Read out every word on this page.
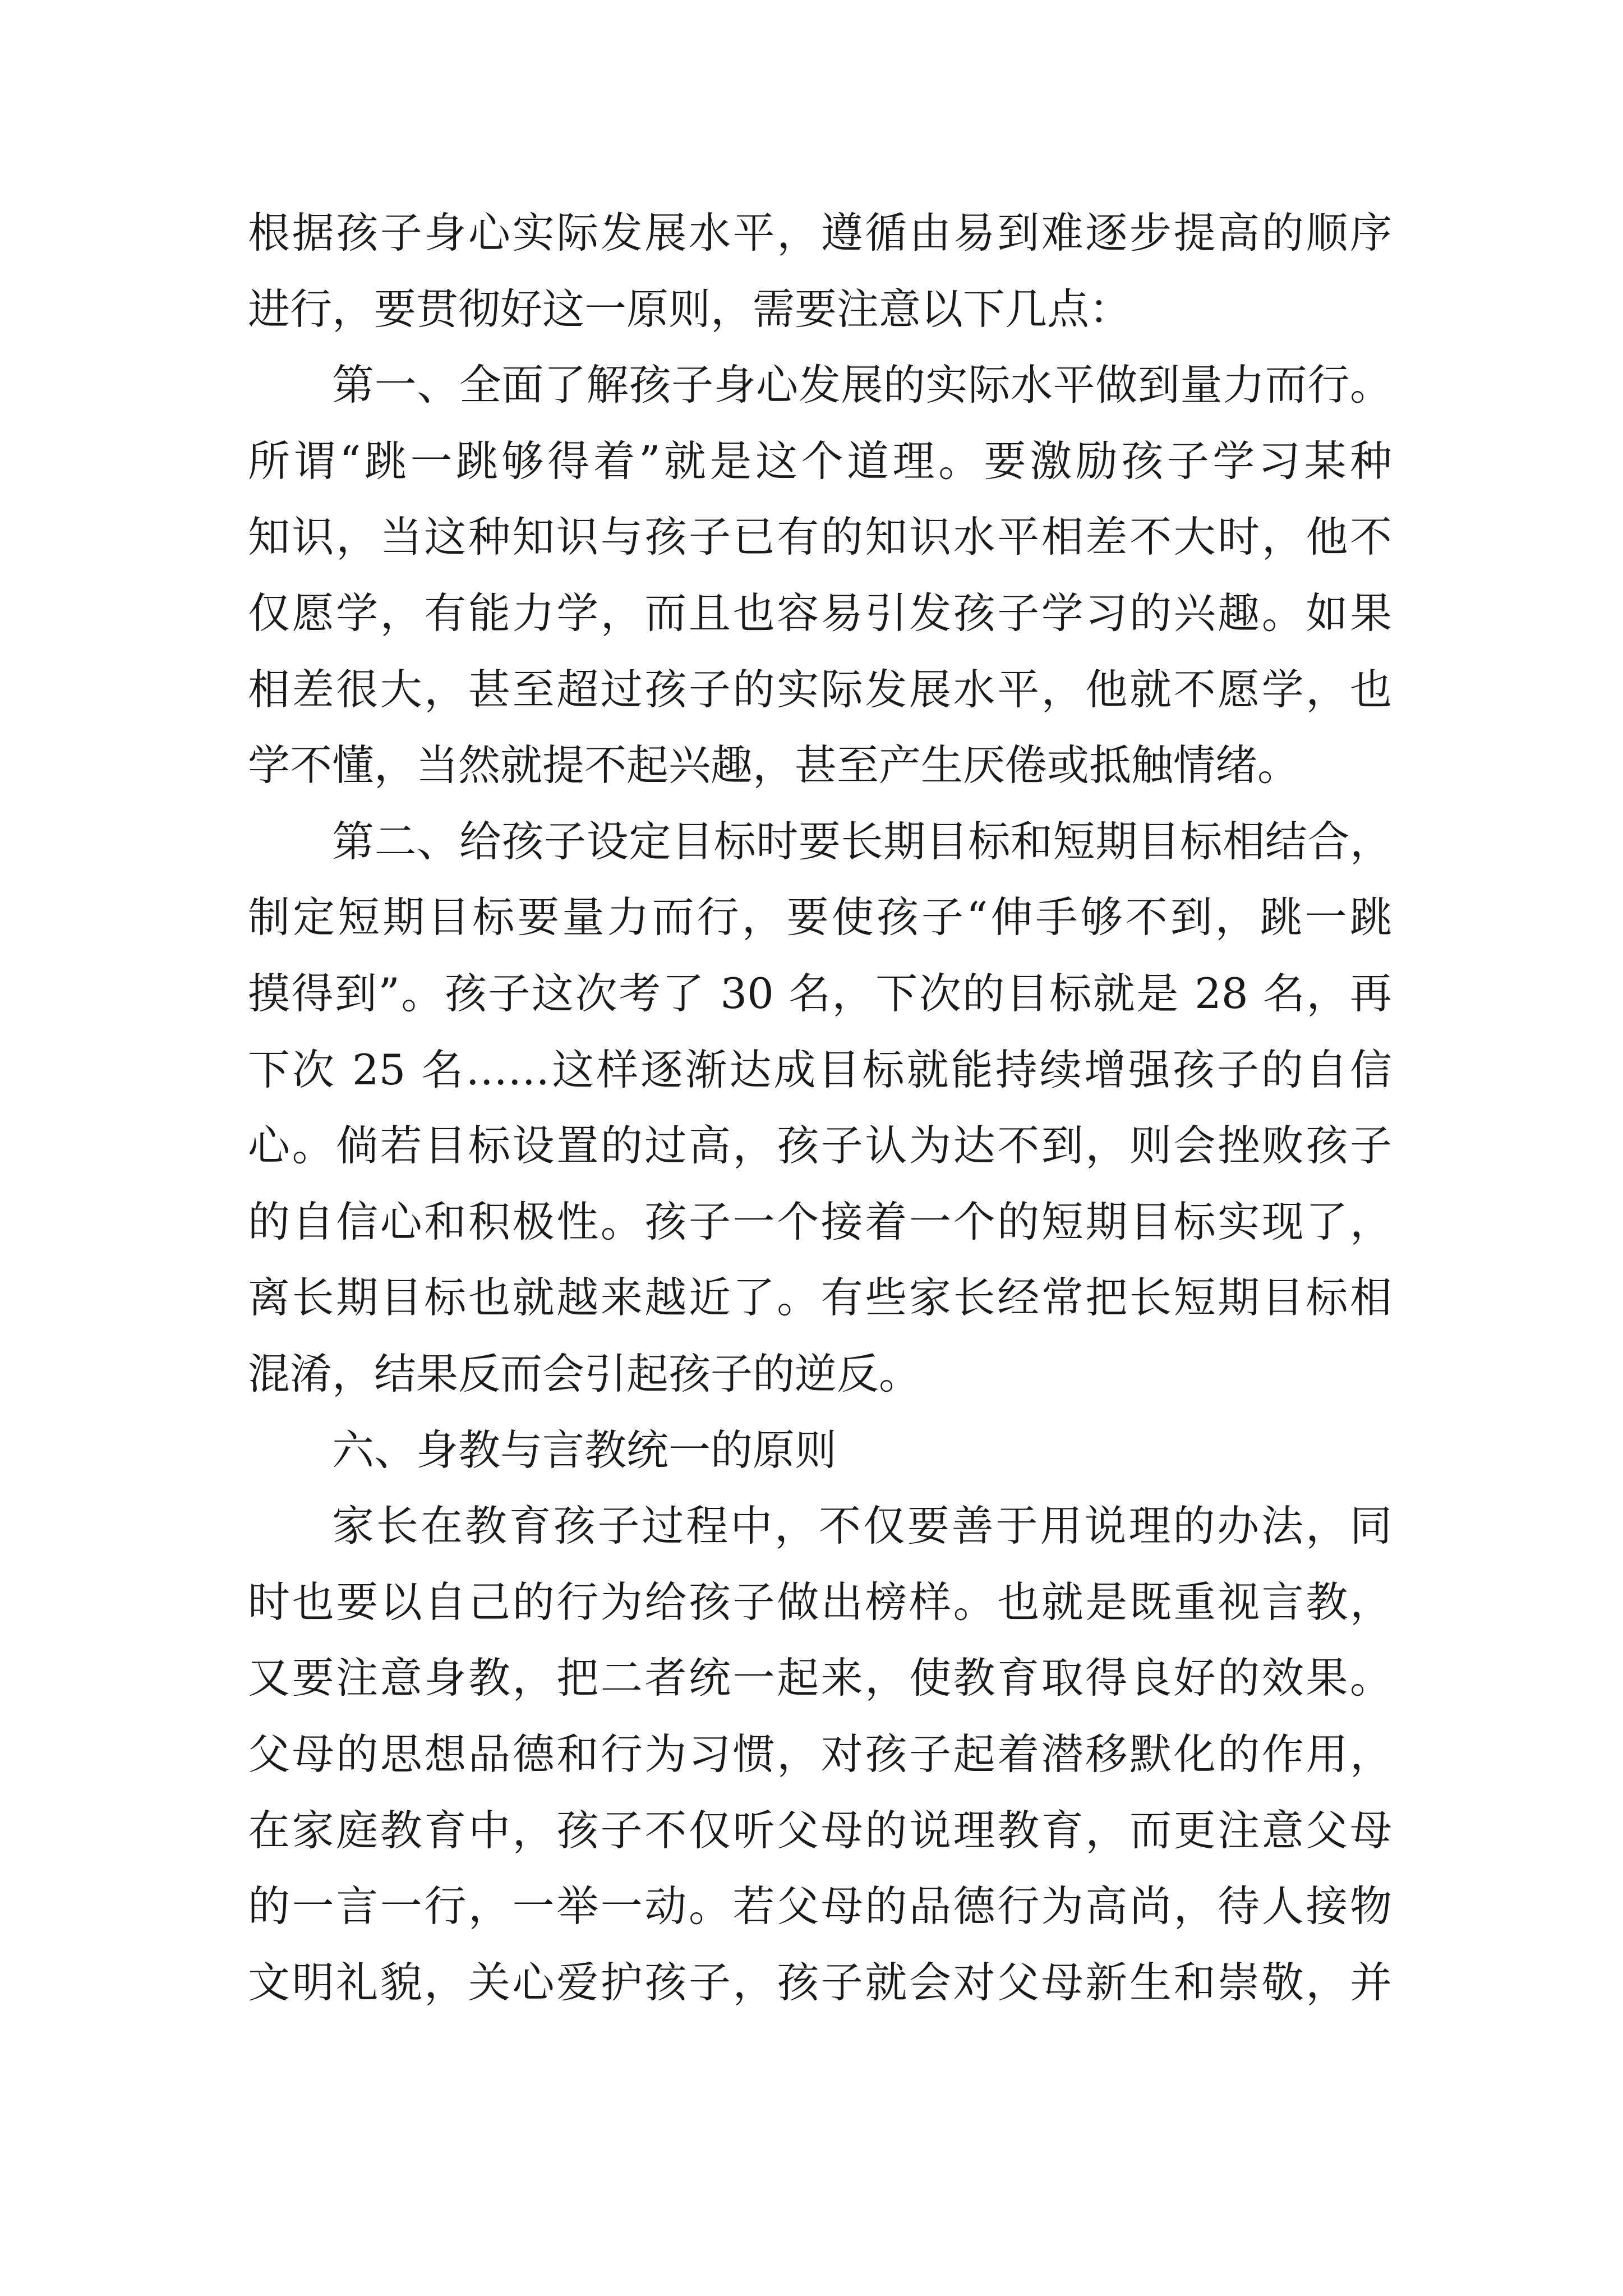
根据孩子身心实际发展水平，遵循由易到难逐步提高的顺序
进行，要贯彻好这一原则，需要注意以下几点：
第一、全面了解孩子身心发展的实际水平做到量力而行。
所谓“跳一跳够得着”就是这个道理。要激励孩子学习某种
知识，当这种知识与孩子已有的知识水平相差不大时，他不
仅愿学，有能力学，而且也容易引发孩子学习的兴趣。如果
相差很大，甚至超过孩子的实际发展水平，他就不愿学，也
学不懂，当然就提不起兴趣，甚至产生厌倦或抵触情绪。
第二、给孩子设定目标时要长期目标和短期目标相结合，
制定短期目标要量力而行，要使孩子“伸手够不到，跳一跳
摸得到”。孩子这次考了 30 名，下次的目标就是 28 名，再
下次 25 名……这样逐渐达成目标就能持续增强孩子的自信
心。倘若目标设置的过高，孩子认为达不到，则会挫败孩子
的自信心和积极性。孩子一个接着一个的短期目标实现了，
离长期目标也就越来越近了。有些家长经常把长短期目标相
混淆，结果反而会引起孩子的逆反。
六、身教与言教统一的原则
家长在教育孩子过程中，不仅要善于用说理的办法，同
时也要以自己的行为给孩子做出榜样。也就是既重视言教，
又要注意身教，把二者统一起来，使教育取得良好的效果。
父母的思想品德和行为习惯，对孩子起着潜移默化的作用，
在家庭教育中，孩子不仅听父母的说理教育，而更注意父母
的一言一行，一举一动。若父母的品德行为高尚，待人接物
文明礼貌，关心爱护孩子，孩子就会对父母新生和崇敬，并
